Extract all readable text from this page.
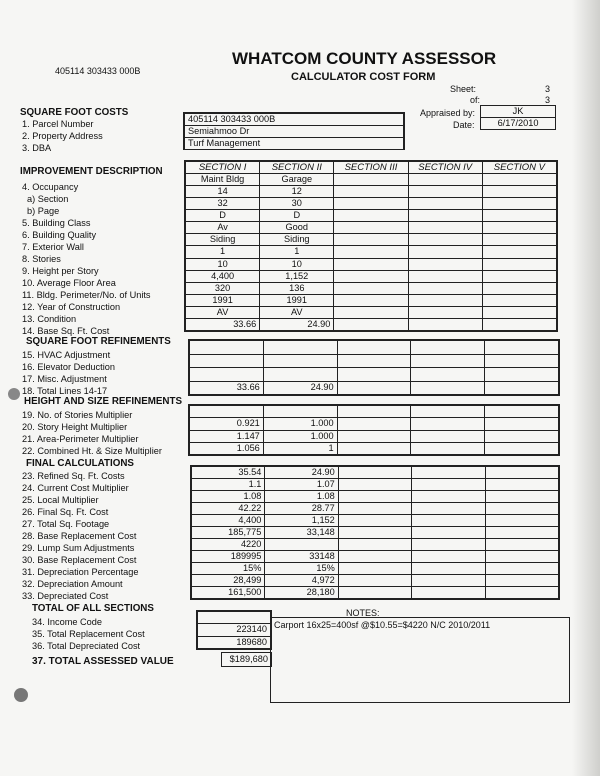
405114 303433 000B
WHATCOM COUNTY ASSESSOR
CALCULATOR COST FORM
Sheet:	3
of:	3
Appraised by:
Date:
JK
6/17/2010
SQUARE FOOT COSTS
1. Parcel Number
2. Property Address
3. DBA
405114 303433 000B
Semiahmoo Dr
Turf Management
IMPROVEMENT DESCRIPTION
4. Occupancy
a) Section
b) Page
5. Building Class
6. Building Quality
7. Exterior Wall
8. Stories
9. Height per Story
10. Average Floor Area
11. Bldg. Perimeter/No. of Units
12. Year of Construction
13. Condition
14. Base Sq. Ft. Cost
SECTION I	SECTION II	SECTION III	SECTION IV	SECTION V
Maint Bldg	Garage			
14	12			
32	30			
D	D			
Av	Good			
Siding	Siding			
1	1			
10	10			
4,400	1,152			
320	136			
1991	1991			
AV	AV			
33.66	24.90			
SQUARE FOOT REFINEMENTS
15. HVAC Adjustment
16. Elevator Deduction
17. Misc. Adjustment
18. Total Lines 14-17

					33.66	24.90			
HEIGHT AND SIZE REFINEMENTS
19. No. of Stories Multiplier
20. Story Height Multiplier
21. Area-Perimeter Multiplier
22. Combined Ht. & Size Multiplier

0.921	1.000			
1.147	1.000			
1.056	1			
FINAL CALCULATIONS
23. Refined Sq. Ft. Costs
24. Current Cost Multiplier
25. Local Multiplier
26. Final Sq. Ft. Cost
27. Total Sq. Footage
28. Base Replacement Cost
29. Lump Sum Adjustments
30. Base Replacement Cost
31. Depreciation Percentage
32. Depreciation Amount
33. Depreciated Cost
35.54	24.90			
1.1	1.07			
1.08	1.08			
42.22	28.77			
4,400	1,152			
185,775	33,148			
4220				
189995	33148			
15%	15%			
28,499	4,972			
161,500	28,180			
TOTAL OF ALL SECTIONS
34. Income Code
35. Total Replacement Cost
36. Total Depreciated Cost
37. TOTAL ASSESSED VALUE

223140
189680
$189,680
NOTES:
Carport 16x25=400sf @$10.55=$4220 N/C 2010/2011
